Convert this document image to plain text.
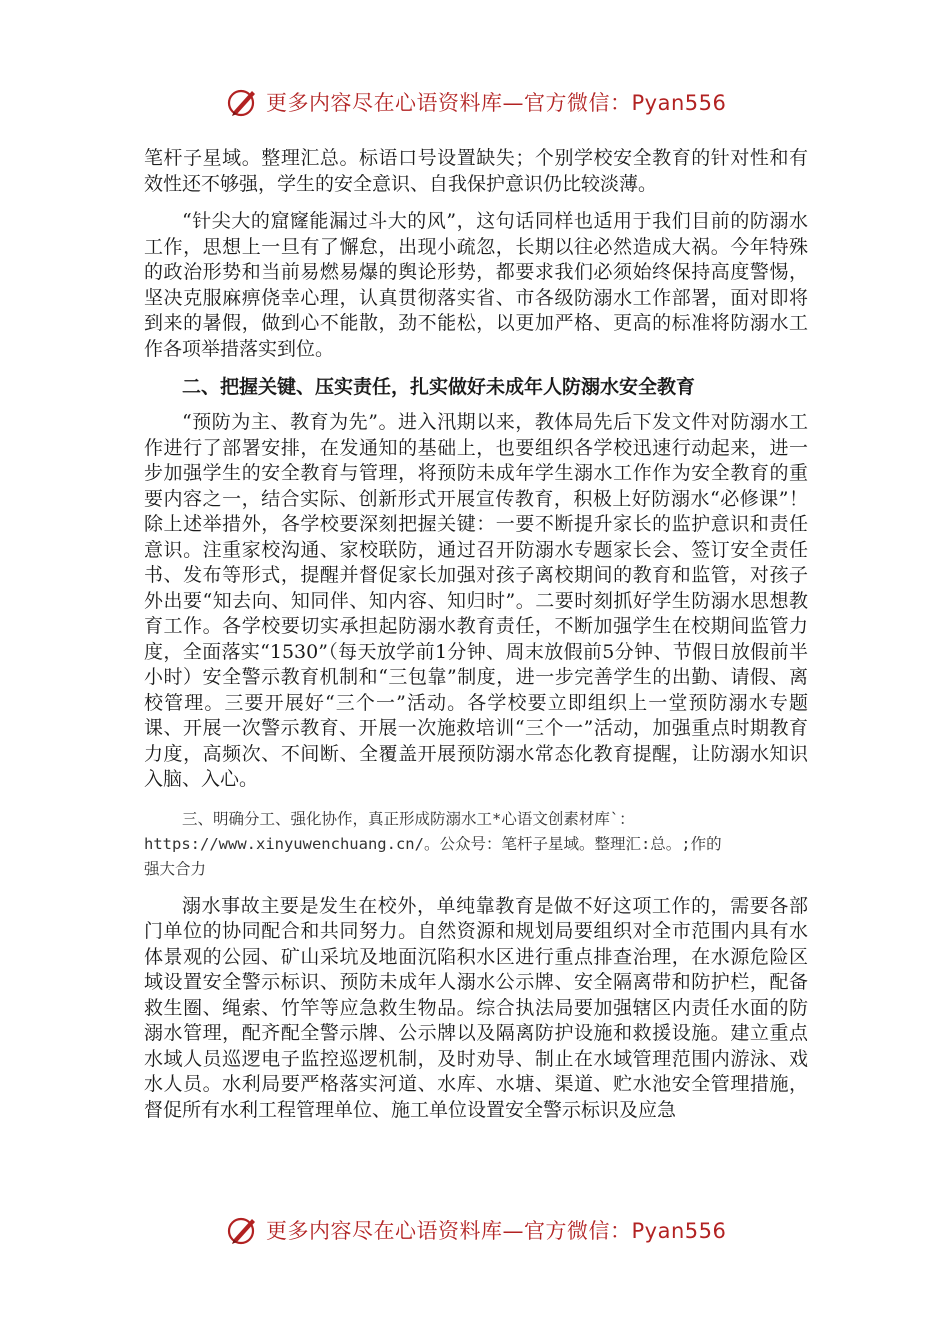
更多内容尽在心语资料库—官方微信：Pyan556

笔杆子星域。整理汇总。标语口号设置缺失；个别学校安全教育的针对性和有效性还不够强，学生的安全意识、自我保护意识仍比较淡薄。

“针尖大的窟窿能漏过斗大的风”，这句话同样也适用于我们目前的防溺水工作，思想上一旦有了懈怠，出现小疏忽，长期以往必然造成大祸。今年特殊的政治形势和当前易燃易爆的舆论形势，都要求我们必须始终保持高度警惕，坚决克服麻痹侥幸心理，认真贯彻落实省、市各级防溺水工作部署，面对即将到来的暑假，做到心不能散，劲不能松，以更加严格、更高的标准将防溺水工作各项举措落实到位。

二、把握关键、压实责任，扎实做好未成年人防溺水安全教育

“预防为主、教育为先”。进入汛期以来，教体局先后下发文件对防溺水工作进行了部署安排，在发通知的基础上，也要组织各学校迅速行动起来，进一步加强学生的安全教育与管理，将预防未成年学生溺水工作作为安全教育的重要内容之一，结合实际、创新形式开展宣传教育，积极上好防溺水“必修课”！除上述举措外，各学校要深刻把握关键：一要不断提升家长的监护意识和责任意识。注重家校沟通、家校联防，通过召开防溺水专题家长会、签订安全责任书、发布等形式，提醒并督促家长加强对孩子离校期间的教育和监管，对孩子外出要“知去向、知同伴、知内容、知归时”。二要时刻抓好学生防溺水思想教育工作。各学校要切实承担起防溺水教育责任，不断加强学生在校期间监管力度，全面落实“1530”（每天放学前1分钟、周末放假前5分钟、节假日放假前半小时）安全警示教育机制和“三包靠”制度，进一步完善学生的出勤、请假、离校管理。三要开展好“三个一”活动。各学校要立即组织上一堂预防溺水专题课、开展一次警示教育、开展一次施救培训“三个一”活动，加强重点时期教育力度，高频次、不间断、全覆盖开展预防溺水常态化教育提醒，让防溺水知识入脑、入心。

三、明确分工、强化协作，真正形成防溺水工*心语文创素材库`：
https://www.xinyuwenchuang.cn/。公众号：笔杆子星域。整理汇:总。;作的
强大合力

溺水事故主要是发生在校外，单纯靠教育是做不好这项工作的，需要各部门单位的协同配合和共同努力。自然资源和规划局要组织对全市范围内具有水体景观的公园、矿山采坑及地面沉陷积水区进行重点排查治理，在水源危险区域设置安全警示标识、预防未成年人溺水公示牌、安全隔离带和防护栏，配备救生圈、绳索、竹竿等应急救生物品。综合执法局要加强辖区内责任水面的防溺水管理，配齐配全警示牌、公示牌以及隔离防护设施和救援设施。建立重点水域人员巡逻电子监控巡逻机制，及时劝导、制止在水域管理范围内游泳、戏水人员。水利局要严格落实河道、水库、水塘、渠道、贮水池安全管理措施，督促所有水利工程管理单位、施工单位设置安全警示标识及应急

更多内容尽在心语资料库—官方微信：Pyan556
